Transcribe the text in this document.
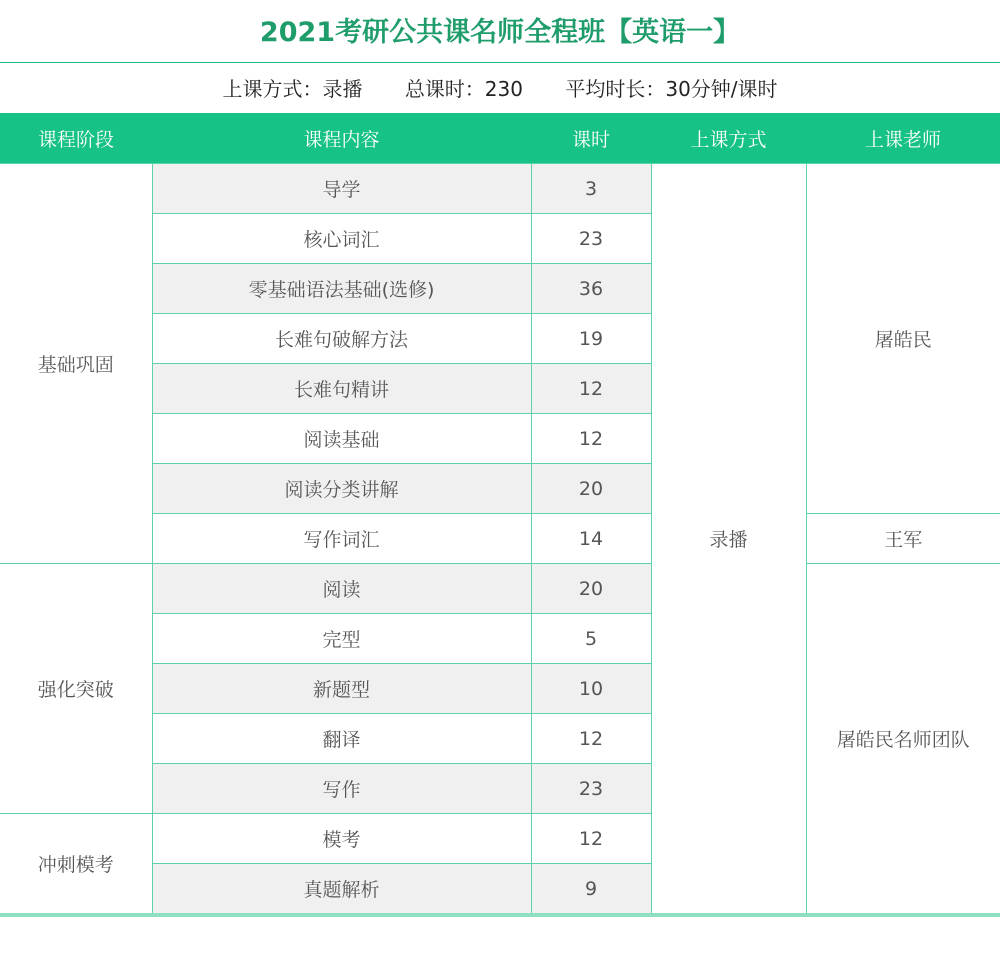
2021考研公共课名师全程班【英语一】
上课方式：录播 总课时：230 平均时长：30分钟/课时
课程阶段	课程内容	课时	上课方式	上课老师
基础巩固	导学	3	录播	屠皓民
	核心词汇	23		
	零基础语法基础(选修)	36		
	长难句破解方法	19		
	长难句精讲	12		
	阅读基础	12		
	阅读分类讲解	20		
	写作词汇	14		王军
强化突破	阅读	20		屠皓民名师团队
	完型	5		
	新题型	10		
	翻译	12		
	写作	23		
冲刺模考	模考	12		
	真题解析	9		
